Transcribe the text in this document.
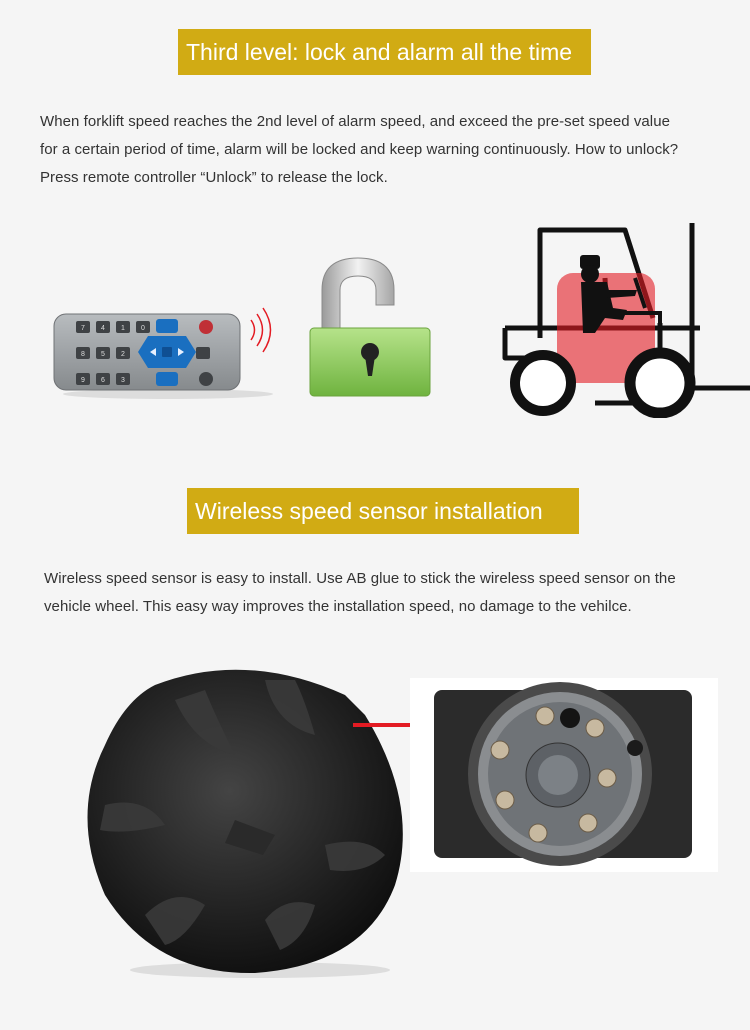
Third level: lock and alarm all the time

When forklift speed reaches the 2nd level of alarm speed, and exceed the pre-set speed value
for a certain period of time, alarm will be locked and keep warning continuously. How to unlock?
Press remote controller “Unlock” to release the lock.

7 4 1 0
8 5 2
9 6 3
Wireless speed sensor installation

Wireless speed sensor is easy to install. Use AB glue to stick the wireless speed sensor on the
vehicle wheel. This easy way improves the installation speed, no damage to the vehilce.
